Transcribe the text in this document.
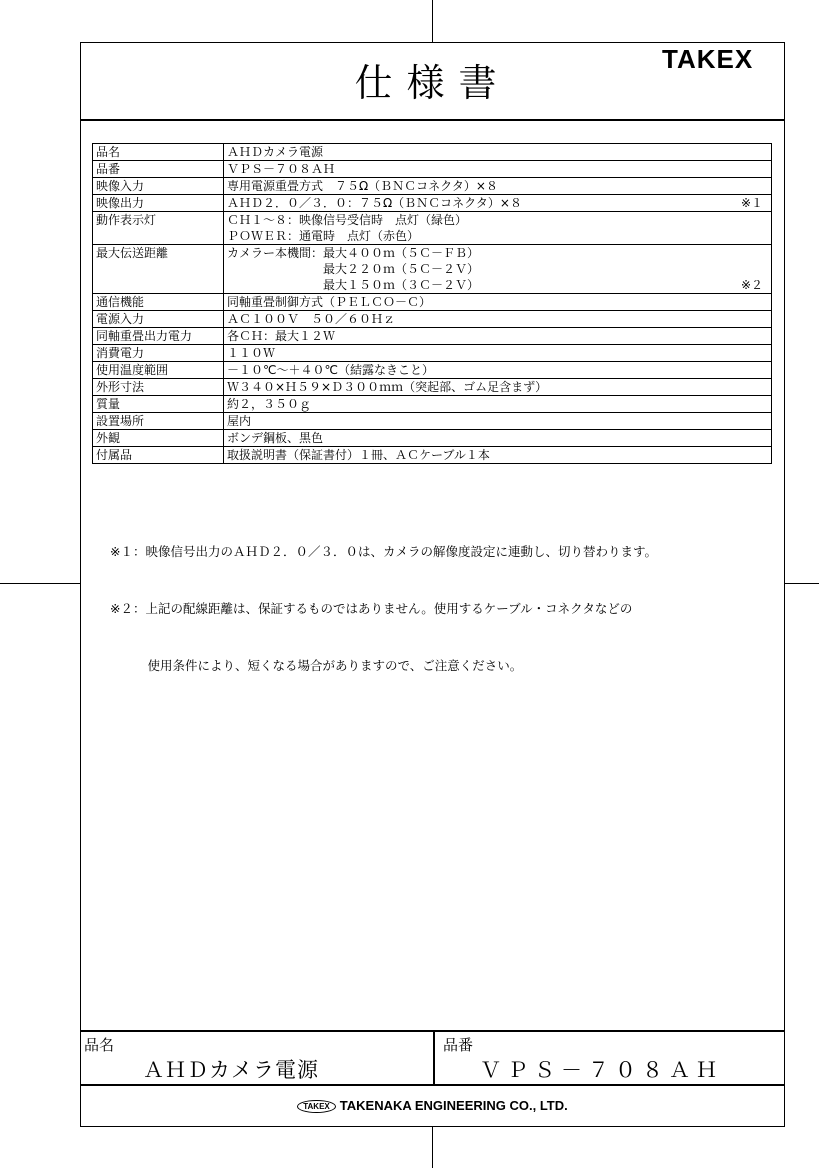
仕様書
TAKEX
品名	ＡＨＤカメラ電源

品番	ＶＰＳ－７０８ＡＨ

映像入力	専用電源重畳方式　７５Ω（ＢＮＣコネクタ）×８

映像出力	ＡＨＤ２．０／３．０：７５Ω（ＢＮＣコネクタ）×８ ※１

動作表示灯	ＣＨ１～８：映像信号受信時　点灯（緑色）
ＰＯＷＥＲ：通電時　点灯（赤色）

最大伝送距離	カメラー本機間：最大４００ｍ（５Ｃ－ＦＢ）
　　　　　　　　最大２２０ｍ（５Ｃ－２Ｖ）
　　　　　　　　最大１５０ｍ（３Ｃ－２Ｖ） ※２

通信機能	同軸重畳制御方式（ＰＥＬＣＯ－Ｃ）

電源入力	ＡＣ１００Ｖ　５０／６０Ｈｚ

同軸重畳出力電力	各ＣＨ：最大１２Ｗ

消費電力	１１０Ｗ

使用温度範囲	－１０℃～＋４０℃（結露なきこと）

外形寸法	Ｗ３４０×Ｈ５９×Ｄ３００ｍｍ（突起部、ゴム足含まず）

質量	約２，３５０ｇ

設置場所	屋内

外観	ボンデ鋼板、黒色

付属品	取扱説明書（保証書付）１冊、ＡＣケーブル１本

※１：映像信号出力のＡＨＤ２．０／３．０は、カメラの解像度設定に連動し、切り替わります。

※２：上記の配線距離は、保証するものではありません。使用するケーブル・コネクタなどの

　　　使用条件により、短くなる場合がありますので、ご注意ください。

品名
ＡＨＤカメラ電源
品番
ＶＰＳ－７０８ＡＨ
TAKEX TAKENAKA ENGINEERING CO., LTD.
